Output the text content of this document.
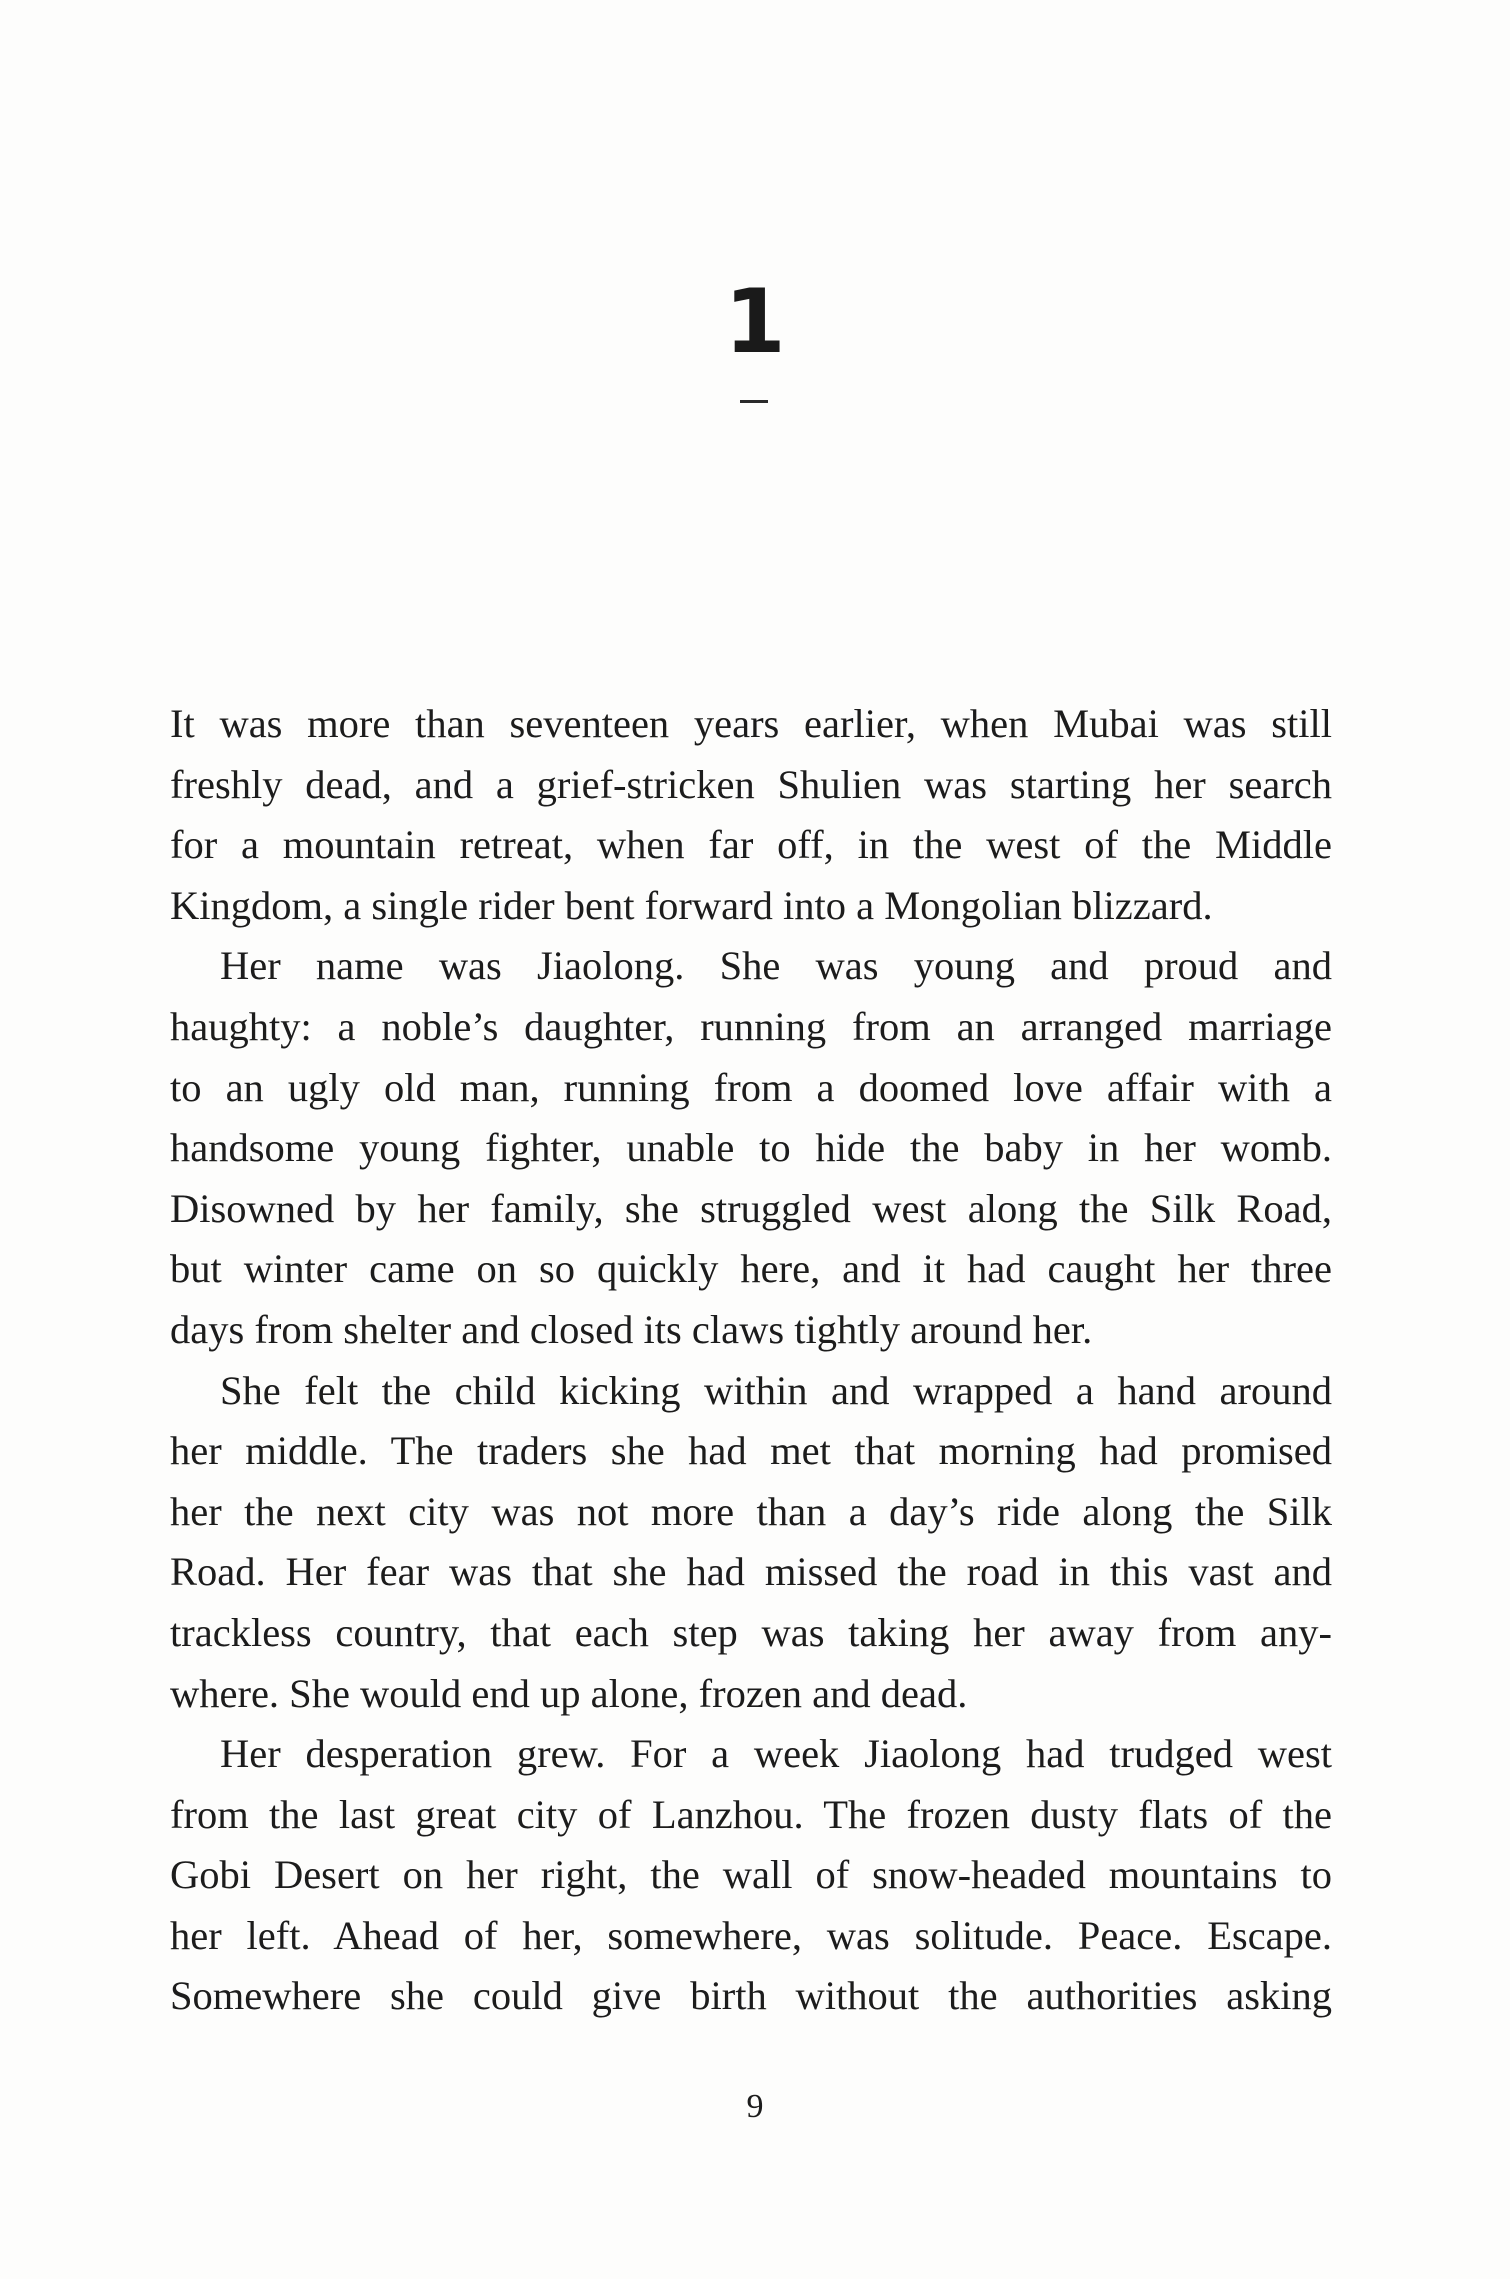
1

It was more than seventeen years earlier, when Mubai was still
freshly dead, and a grief-stricken Shulien was starting her search
for a mountain retreat, when far off, in the west of the Middle
Kingdom, a single rider bent forward into a Mongolian blizzard.

Her name was Jiaolong. She was young and proud and
haughty: a noble’s daughter, running from an arranged marriage
to an ugly old man, running from a doomed love affair with a
handsome young fighter, unable to hide the baby in her womb.
Disowned by her family, she struggled west along the Silk Road,
but winter came on so quickly here, and it had caught her three
days from shelter and closed its claws tightly around her.

She felt the child kicking within and wrapped a hand around
her middle. The traders she had met that morning had promised
her the next city was not more than a day’s ride along the Silk
Road. Her fear was that she had missed the road in this vast and
trackless country, that each step was taking her away from any-
where. She would end up alone, frozen and dead.

Her desperation grew. For a week Jiaolong had trudged west
from the last great city of Lanzhou. The frozen dusty flats of the
Gobi Desert on her right, the wall of snow-headed mountains to
her left. Ahead of her, somewhere, was solitude. Peace. Escape.
Somewhere she could give birth without the authorities asking

9
